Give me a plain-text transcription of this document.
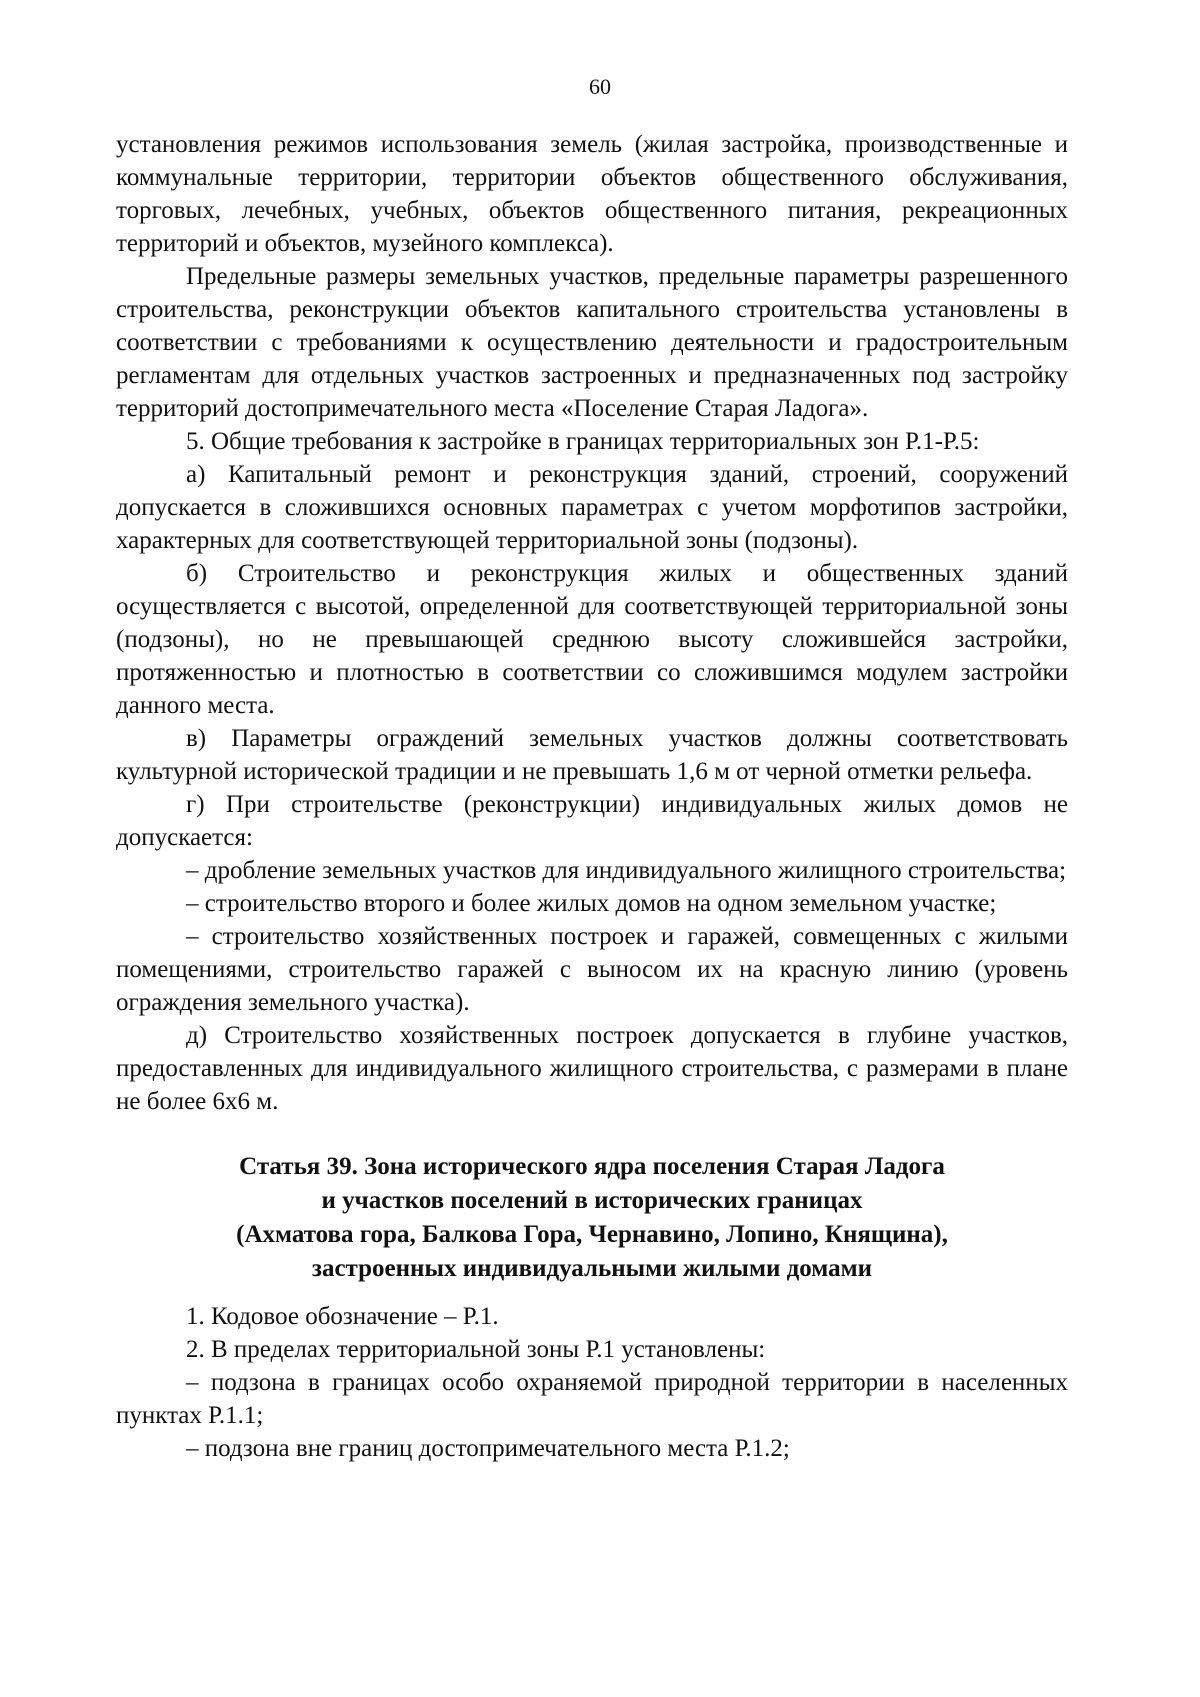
60

установления режимов использования земель (жилая застройка, производственные и коммунальные территории, территории объектов общественного обслуживания, торговых, лечебных, учебных, объектов общественного питания, рекреационных территорий и объектов, музейного комплекса).

Предельные размеры земельных участков, предельные параметры разрешенного строительства, реконструкции объектов капитального строительства установлены в соответствии с требованиями к осуществлению деятельности и градостроительным регламентам для отдельных участков застроенных и предназначенных под застройку территорий достопримечательного места «Поселение Старая Ладога».

5. Общие требования к застройке в границах территориальных зон Р.1-Р.5:

а) Капитальный ремонт и реконструкция зданий, строений, сооружений допускается в сложившихся основных параметрах с учетом морфотипов застройки, характерных для соответствующей территориальной зоны (подзоны).

б) Строительство и реконструкция жилых и общественных зданий осуществляется с высотой, определенной для соответствующей территориальной зоны (подзоны), но не превышающей среднюю высоту сложившейся застройки, протяженностью и плотностью в соответствии со сложившимся модулем застройки данного места.

в) Параметры ограждений земельных участков должны соответствовать культурной исторической традиции и не превышать 1,6 м от черной отметки рельефа.

г) При строительстве (реконструкции) индивидуальных жилых домов не допускается:

– дробление земельных участков для индивидуального жилищного строительства;

– строительство второго и более жилых домов на одном земельном участке;

– строительство хозяйственных построек и гаражей, совмещенных с жилыми помещениями, строительство гаражей с выносом их на красную линию (уровень ограждения земельного участка).

д) Строительство хозяйственных построек допускается в глубине участков, предоставленных для индивидуального жилищного строительства, с размерами в плане не более 6х6 м.

Статья 39. Зона исторического ядра поселения Старая Ладога
и участков поселений в исторических границах
(Ахматова гора, Балкова Гора, Чернавино, Лопино, Княщина),
застроенных индивидуальными жилыми домами

1. Кодовое обозначение – Р.1.

2. В пределах территориальной зоны Р.1 установлены:

– подзона в границах особо охраняемой природной территории в населенных пунктах Р.1.1;

– подзона вне границ достопримечательного места Р.1.2;
